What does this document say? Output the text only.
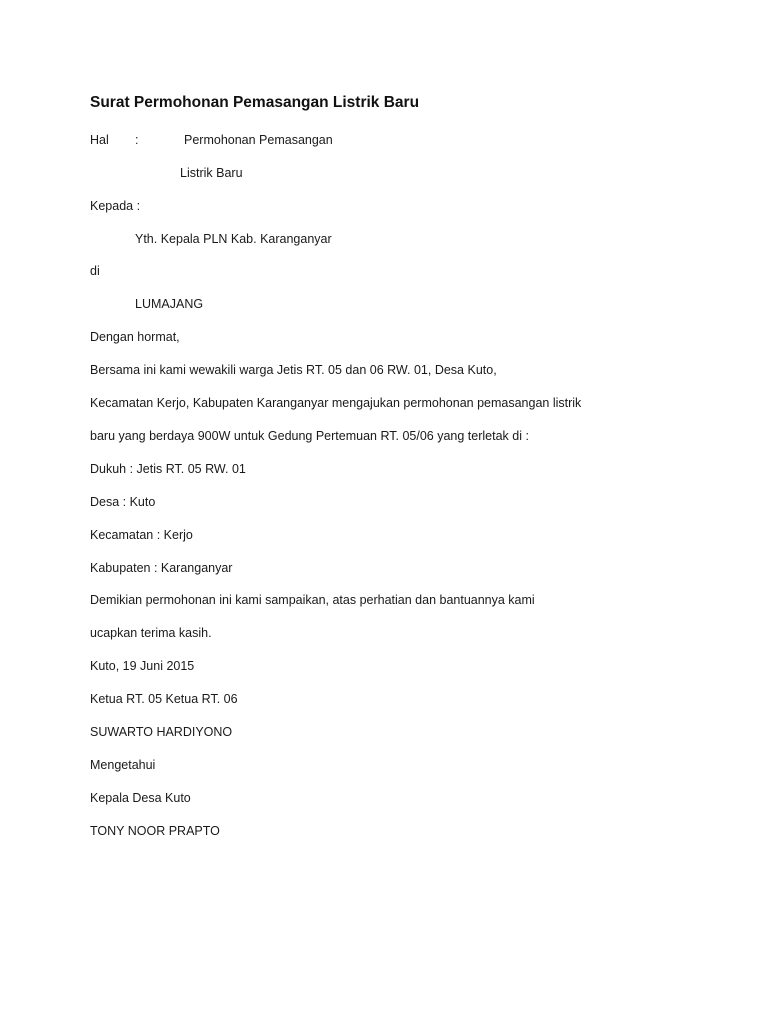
Surat Permohonan Pemasangan Listrik Baru
Hal :	Permohonan Pemasangan
Listrik Baru
Kepada :
Yth. Kepala PLN Kab. Karanganyar
di
LUMAJANG
Dengan hormat,
Bersama ini kami wewakili warga Jetis RT. 05 dan 06 RW. 01, Desa Kuto,
Kecamatan Kerjo, Kabupaten Karanganyar mengajukan permohonan pemasangan listrik
baru yang berdaya 900W untuk Gedung Pertemuan RT. 05/06 yang terletak di :
Dukuh : Jetis RT. 05 RW. 01
Desa : Kuto
Kecamatan : Kerjo
Kabupaten : Karanganyar
Demikian permohonan ini kami sampaikan, atas perhatian dan bantuannya kami
ucapkan terima kasih.
Kuto, 19 Juni 2015
Ketua RT. 05 Ketua RT. 06
SUWARTO HARDIYONO
Mengetahui
Kepala Desa Kuto
TONY NOOR PRAPTO
